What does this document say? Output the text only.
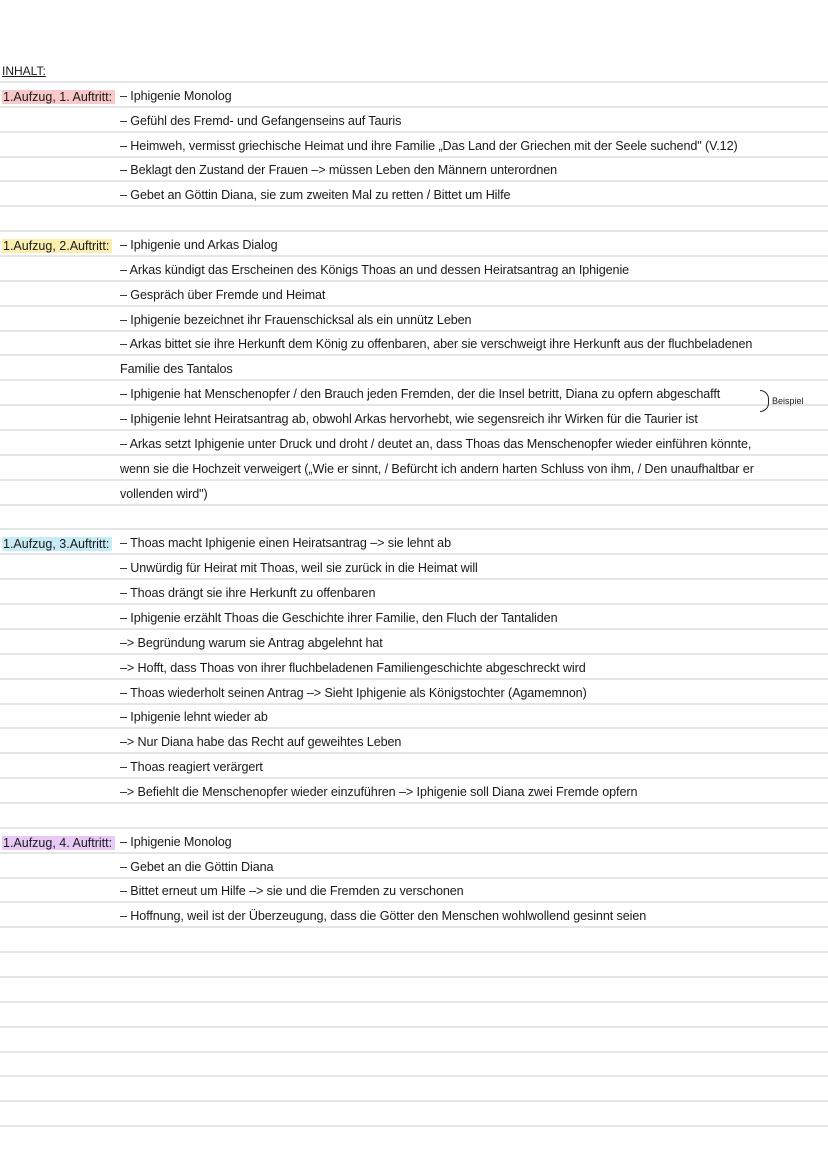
INHALT:
1.Aufzug, 1. Auftritt: – Iphigenie Monolog
– Gefühl des Fremd- und Gefangenseins auf Tauris
– Heimweh, vermisst griechische Heimat und ihre Familie „Das Land der Griechen mit der Seele suchend" (V.12)
– Beklagt den Zustand der Frauen –> müssen Leben den Männern unterordnen
– Gebet an Göttin Diana, sie zum zweiten Mal zu retten / Bittet um Hilfe
1.Aufzug, 2.Auftritt: – Iphigenie und Arkas Dialog
– Arkas kündigt das Erscheinen des Königs Thoas an und dessen Heiratsantrag an Iphigenie
– Gespräch über Fremde und Heimat
– Iphigenie bezeichnet ihr Frauenschicksal als ein unnütz Leben
– Arkas bittet sie ihre Herkunft dem König zu offenbaren, aber sie verschweigt ihre Herkunft aus der fluchbeladenen
Familie des Tantalos
– Iphigenie hat Menschenopfer / den Brauch jeden Fremden, der die Insel betritt, Diana zu opfern abgeschafft
– Iphigenie lehnt Heiratsantrag ab, obwohl Arkas hervorhebt, wie segensreich ihr Wirken für die Taurier ist
– Arkas setzt Iphigenie unter Druck und droht / deutet an, dass Thoas das Menschenopfer wieder einführen könnte,
wenn sie die Hochzeit verweigert („Wie er sinnt, / Befürcht ich andern harten Schluss von ihm, / Den unaufhaltbar er
vollenden wird")
1.Aufzug, 3.Auftritt: – Thoas macht Iphigenie einen Heiratsantrag –> sie lehnt ab
– Unwürdig für Heirat mit Thoas, weil sie zurück in die Heimat will
– Thoas drängt sie ihre Herkunft zu offenbaren
– Iphigenie erzählt Thoas die Geschichte ihrer Familie, den Fluch der Tantaliden
–> Begründung warum sie Antrag abgelehnt hat
–> Hofft, dass Thoas von ihrer fluchbeladenen Familiengeschichte abgeschreckt wird
– Thoas wiederholt seinen Antrag –> Sieht Iphigenie als Königstochter (Agamemnon)
– Iphigenie lehnt wieder ab
–> Nur Diana habe das Recht auf geweihtes Leben
– Thoas reagiert verärgert
–> Befiehlt die Menschenopfer wieder einzuführen –> Iphigenie soll Diana zwei Fremde opfern
1.Aufzug, 4. Auftritt: – Iphigenie Monolog
– Gebet an die Göttin Diana
– Bittet erneut um Hilfe –> sie und die Fremden zu verschonen
– Hoffnung, weil ist der Überzeugung, dass die Götter den Menschen wohlwollend gesinnt seien
Beispiel
